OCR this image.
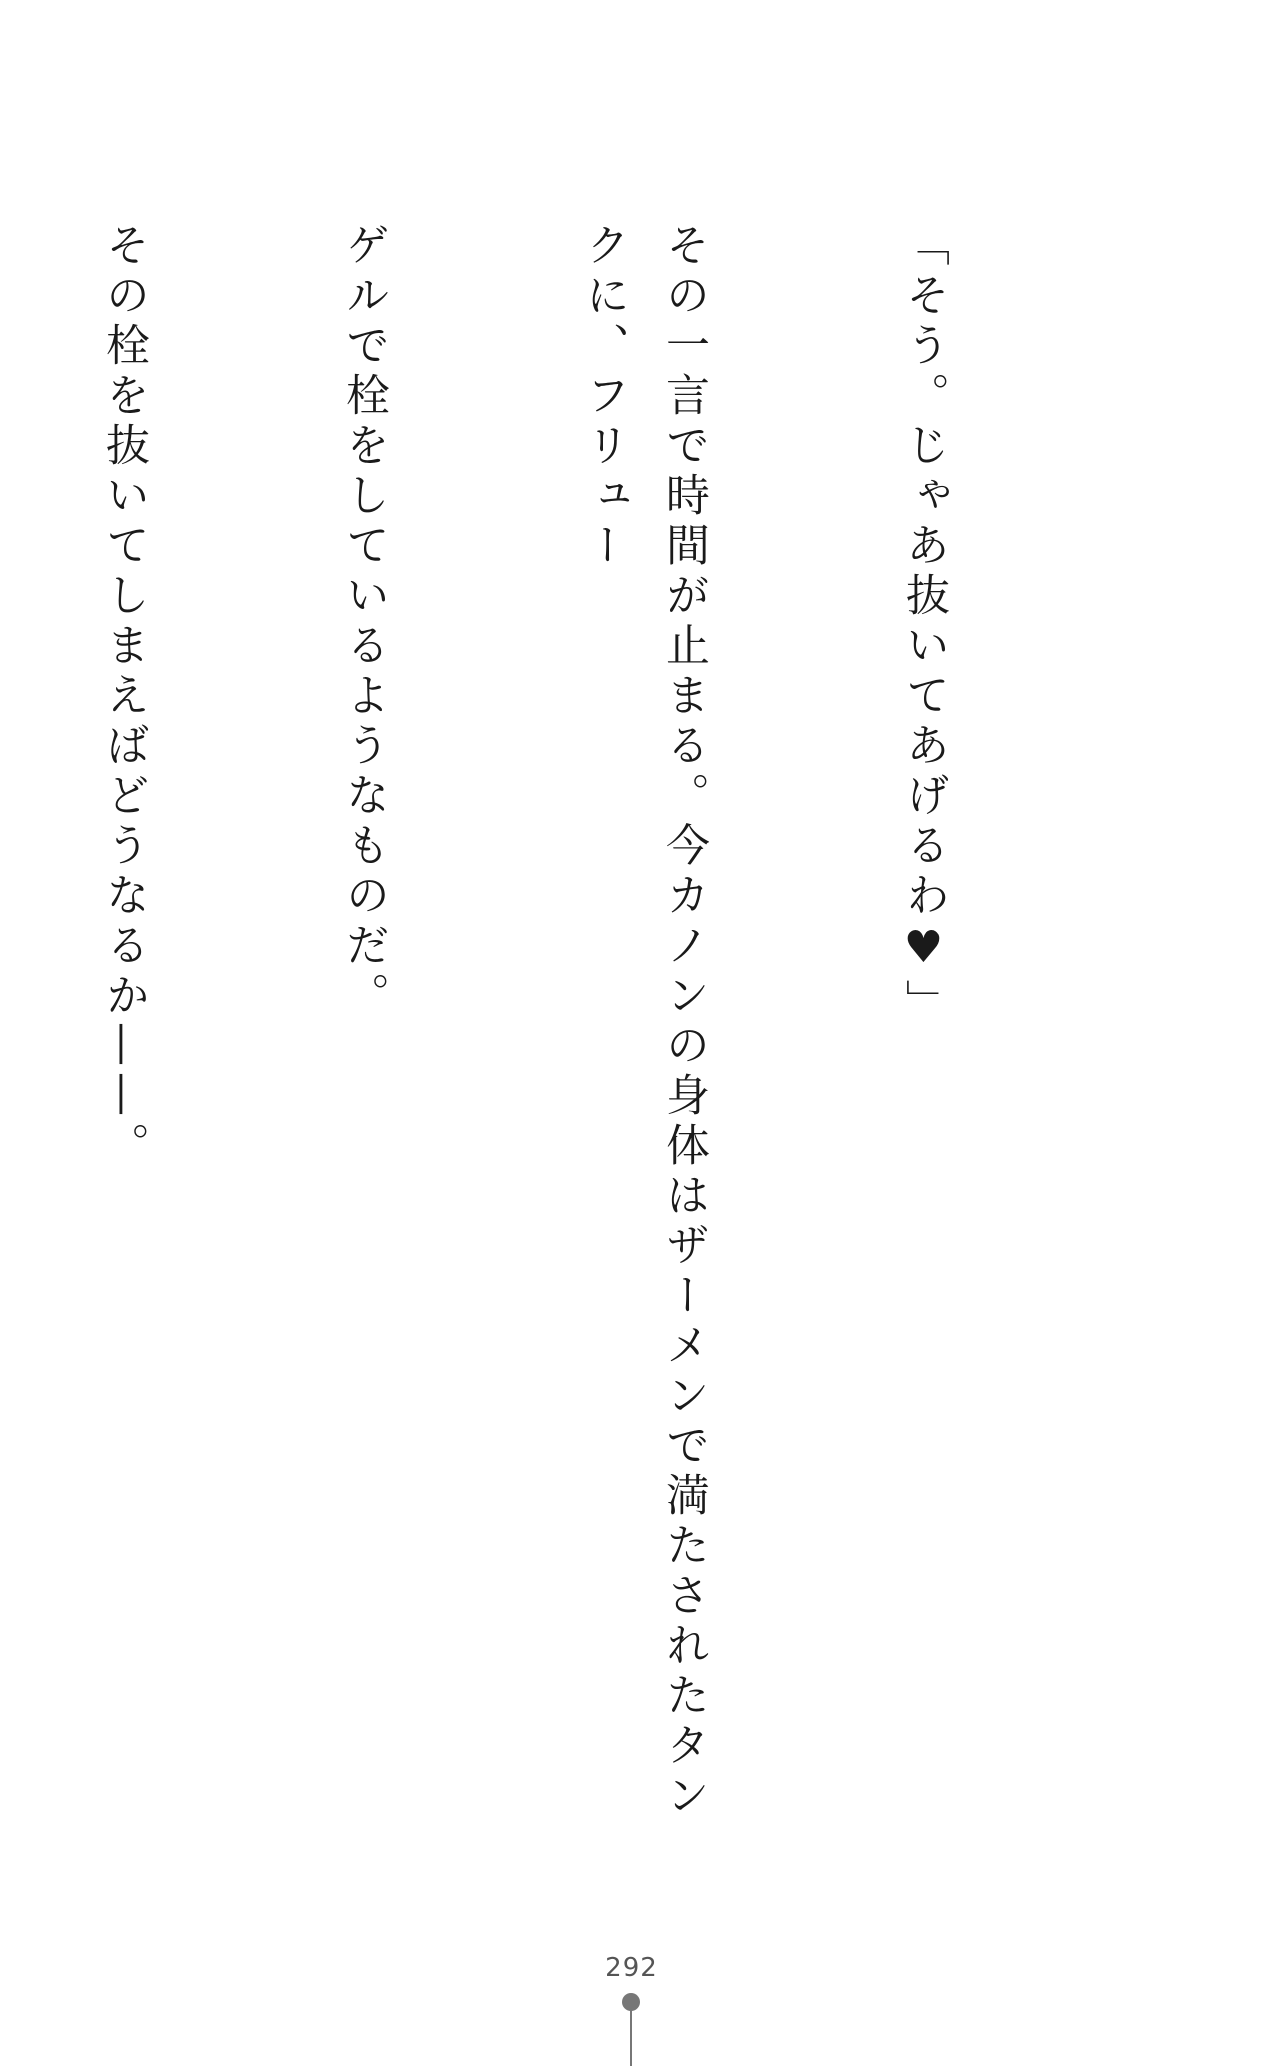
「そう。じゃあ抜いてあげるわ♥」

その一言で時間が止まる。今カノンの身体はザーメンで満たされたタンクに、フリュー

ゲルで栓をしているようなものだ。

その栓を抜いてしまえばどうなるか——。

292
